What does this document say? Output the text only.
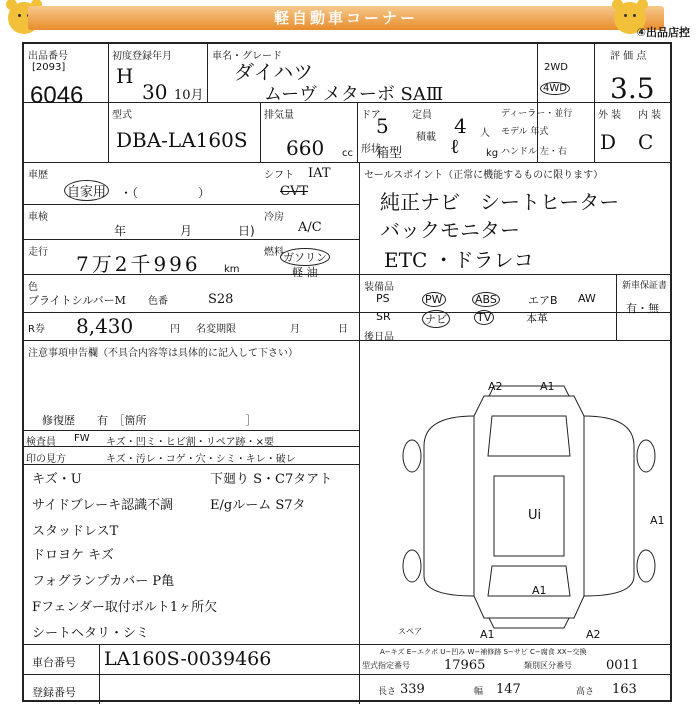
軽自動車コーナー
④出品店控
出品番号
[2093]
6046
初度登録年月
H
30 10月
車名・グレード
ダイハツ
ムーヴ メターボ SAⅢ
2WD
4WD
評 価 点
3.5
型式
DBA-LA160S
排気量
660 cc
ドア
5 定員 4 人
形状
箱型
積載 ℓ	kg
ディーラー・並行
モデル 年式
ハンドル 左・右
外 装 内 装
D C
車歴
自家用 ・（　　　　　）
シフト IAT
CVT
車検
年	月	日)
冷房
A/C
走行 7万2千996 km
燃料 ガソリン
軽 油
色
ブライトシルバーM 色番	S28
R券 8,430	円 名変期限	月	日
注意事項申告欄（不具合内容等は具体的に記入して下さい）
修復歴　　有　［箇所　　　　　　　　　］
検査員 FW キズ・凹ミ・ヒビ割・リペア跡・×要
印の見方	キズ・汚レ・コゲ・穴・シミ・キレ・破レ
キズ・U
サイドブレーキ認識不調
スタッドレスT
ドロヨケ キズ
フォグランプカバー P亀
Fフェンダー取付ボルト1ヶ所欠
シートヘタリ・シミ
下廻り S・C7タアト
E/gルーム S7タ
セールスポイント（正常に機能するものに限ります）
純正ナビ　シートヒーター
バックモニター
ETC ・ドラレコ
装備品
PS	PW	ABS	エアB AW
SR	ナビ	TV	本革
新車保証書
有・無
後日品
A2	A1
Ui	A1
A1
A1	A2
スペア
車台番号 LA160S-0039466
登録番号
A−キズ E−エクボ U−凹み W−補修跡 S−サビ C−腐食 XX−交換
型式指定番号	17965	類別区分番号	0011
長さ 339	幅 147	高さ 163
